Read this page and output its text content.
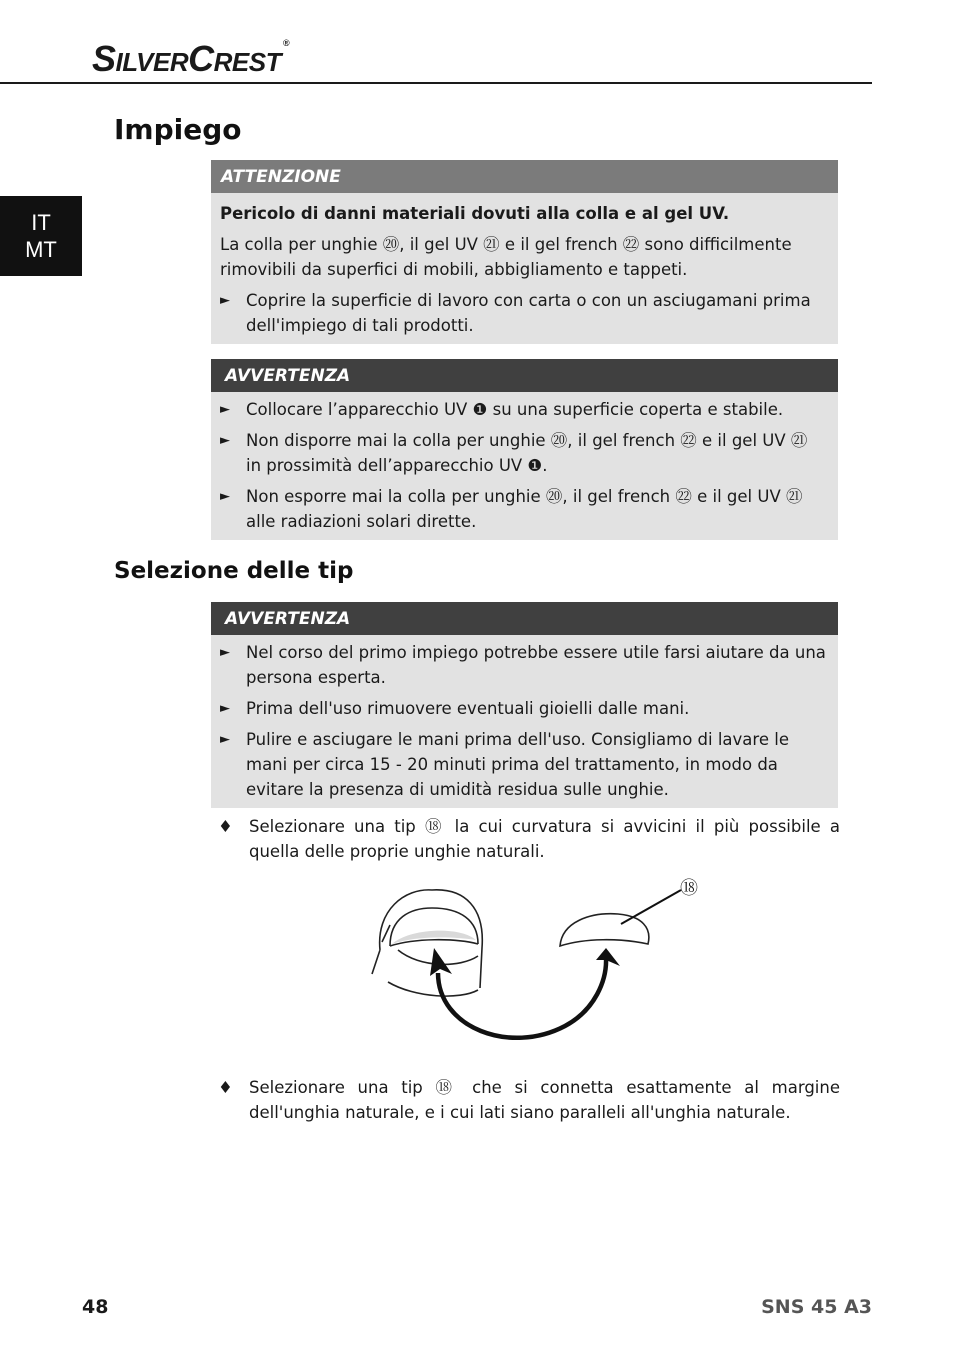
SILVERCREST®
IT
MT
Impiego
ATTENZIONE
Pericolo di danni materiali dovuti alla colla e al gel UV.
La colla per unghie ⑳, il gel UV ㉑ e il gel french ㉒ sono difficilmente rimovibili da superfici di mobili, abbigliamento e tappeti.
► Coprire la superficie di lavoro con carta o con un asciugamani prima dell'impiego di tali prodotti.
AVVERTENZA
► Collocare l’apparecchio UV ❶ su una superficie coperta e stabile.
► Non disporre mai la colla per unghie ⑳, il gel french ㉒ e il gel UV ㉑ in prossimità dell’apparecchio UV ❶.
► Non esporre mai la colla per unghie ⑳, il gel french ㉒ e il gel UV ㉑ alle radiazioni solari dirette.
Selezione delle tip
AVVERTENZA
► Nel corso del primo impiego potrebbe essere utile farsi aiutare da una persona esperta.
► Prima dell'uso rimuovere eventuali gioielli dalle mani.
► Pulire e asciugare le mani prima dell'uso. Consigliamo di lavare le mani per circa 15 - 20 minuti prima del trattamento, in modo da evitare la presenza di umidità residua sulle unghie.
♦ Selezionare una tip ⑱ la cui curvatura si avvicini il più possibile a quella delle proprie unghie naturali.
⑱
♦ Selezionare una tip ⑱ che si connetta esattamente al margine dell'unghia naturale, e i cui lati siano paralleli all'unghia naturale.
48	SNS 45 A3
